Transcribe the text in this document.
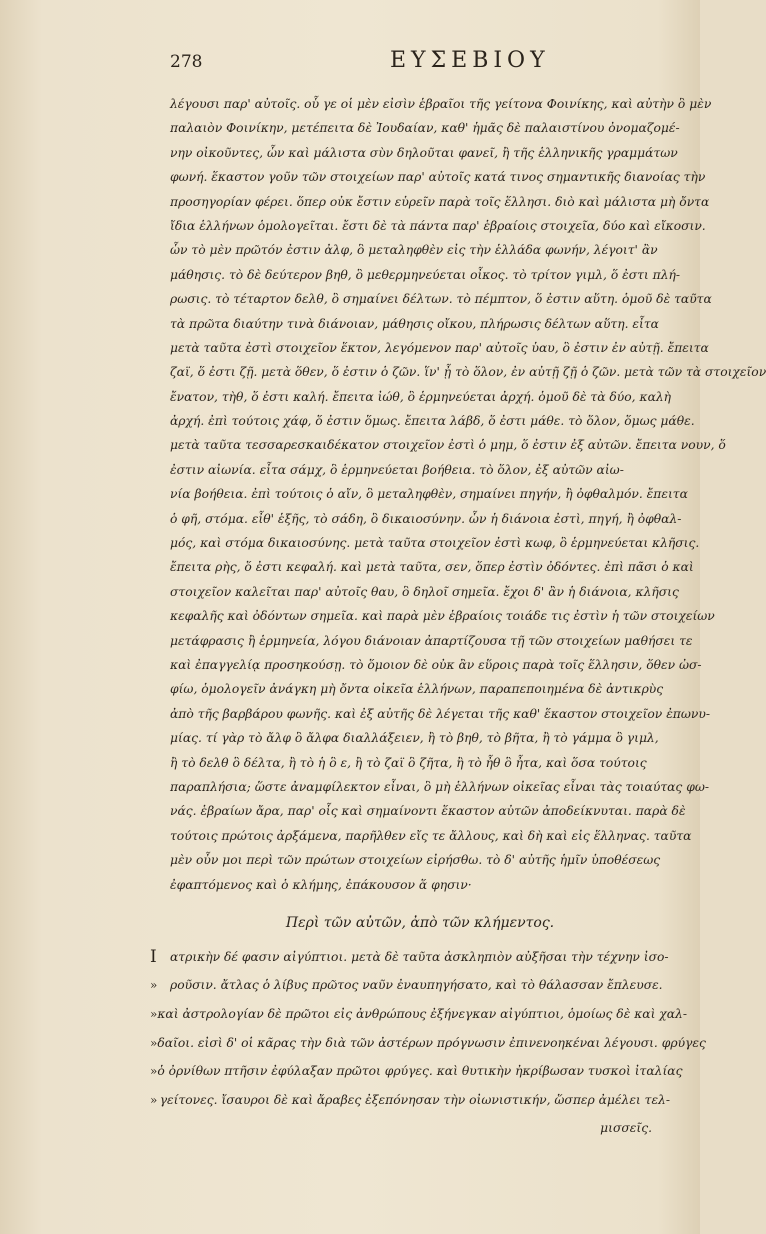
278	ΕΥΣΕΒΙΟΥ
λέγουσι παρ' αὐτοῖς. οὗ γε οἱ μὲν εἰσὶν ἑβραῖοι τῆς γείτονα Φοινίκης, καὶ αὐτὴν ὃ μὲν
παλαιὸν Φοινίκην, μετέπειτα δὲ Ἰουδαίαν, καθ' ἡμᾶς δὲ παλαιστίνου ὀνομαζομέ-
νην οἰκοῦντες, ὧν καὶ μάλιστα σὺν δηλοῦται φανεῖ, ἢ τῆς ἑλληνικῆς γραμμάτων
φωνή. ἕκαστον γοῦν τῶν στοιχείων παρ' αὐτοῖς κατά τινος σημαντικῆς διανοίας τὴν
προσηγορίαν φέρει. ὅπερ οὐκ ἔστιν εὑρεῖν παρὰ τοῖς ἕλλησι. διὸ καὶ μάλιστα μὴ ὄντα
ἴδια ἑλλήνων ὁμολογεῖται. ἔστι δὲ τὰ πάντα παρ' ἑβραίοις στοιχεῖα, δύο καὶ εἴκοσιν.
ὧν τὸ μὲν πρῶτόν ἐστιν ἀλφ, ὃ μεταληφθὲν εἰς τὴν ἑλλάδα φωνήν, λέγοιτ' ἂν
μάθησις. τὸ δὲ δεύτερον βηθ, ὃ μεθερμηνεύεται οἶκος. τὸ τρίτον γιμλ, ὅ ἐστι πλή-
ρωσις. τὸ τέταρτον δελθ, ὃ σημαίνει δέλτων. τὸ πέμπτον, ὅ ἐστιν αὕτη. ὁμοῦ δὲ ταῦτα
τὰ πρῶτα διαύτην τινὰ διάνοιαν, μάθησις οἴκου, πλήρωσις δέλτων αὕτη. εἶτα
μετὰ ταῦτα ἐστὶ στοιχεῖον ἕκτον, λεγόμενον παρ' αὐτοῖς ὑαυ, ὃ ἐστιν ἐν αὐτῇ. ἔπειτα
ζαϊ, ὅ ἐστι ζῇ. μετὰ ὅθεν, ὅ ἐστιν ὁ ζῶν. ἵν' ᾖ τὸ ὅλον, ἐν αὐτῇ ζῇ ὁ ζῶν. μετὰ τῶν τὰ στοιχεῖον
ἔνατον, τὴθ, ὅ ἐστι καλή. ἔπειτα ἰώθ, ὃ ἑρμηνεύεται ἀρχή. ὁμοῦ δὲ τὰ δύο, καλὴ
ἀρχή. ἐπὶ τούτοις χάφ, ὅ ἐστιν ὅμως. ἔπειτα λάβδ, ὅ ἐστι μάθε. τὸ ὅλον, ὅμως μάθε.
μετὰ ταῦτα τεσσαρεσκαιδέκατον στοιχεῖον ἐστὶ ὁ μημ, ὅ ἐστιν ἐξ αὐτῶν. ἔπειτα νουν, ὅ
ἐστιν αἰωνία. εἶτα σάμχ, ὃ ἑρμηνεύεται βοήθεια. τὸ ὅλον, ἐξ αὐτῶν αἰω-
νία βοήθεια. ἐπὶ τούτοις ὁ αἴν, ὃ μεταληφθὲν, σημαίνει πηγήν, ἢ ὀφθαλμόν. ἔπειτα
ὁ φῆ, στόμα. εἶθ' ἑξῆς, τὸ σάδη, ὃ δικαιοσύνην. ὧν ἡ διάνοια ἐστὶ, πηγή, ἢ ὀφθαλ-
μός, καὶ στόμα δικαιοσύνης. μετὰ ταῦτα στοιχεῖον ἐστὶ κωφ, ὃ ἑρμηνεύεται κλῆσις.
ἔπειτα ρὴς, ὅ ἐστι κεφαλή. καὶ μετὰ ταῦτα, σεν, ὅπερ ἐστὶν ὀδόντες. ἐπὶ πᾶσι ὁ καὶ
στοιχεῖον καλεῖται παρ' αὐτοῖς θαυ, ὃ δηλοῖ σημεῖα. ἔχοι δ' ἂν ἡ διάνοια, κλῆσις
κεφαλῆς καὶ ὀδόντων σημεῖα. καὶ παρὰ μὲν ἑβραίοις τοιάδε τις ἐστὶν ἡ τῶν στοιχείων
μετάφρασις ἢ ἑρμηνεία, λόγου διάνοιαν ἀπαρτίζουσα τῇ τῶν στοιχείων μαθήσει τε
καὶ ἐπαγγελίᾳ προσηκούσῃ. τὸ ὅμοιον δὲ οὐκ ἂν εὕροις παρὰ τοῖς ἕλλησιν, ὅθεν ὠσ-
φίω, ὁμολογεῖν ἀνάγκη μὴ ὄντα οἰκεῖα ἑλλήνων, παραπεποιημένα δὲ ἀντικρὺς
ἀπὸ τῆς βαρβάρου φωνῆς. καὶ ἐξ αὐτῆς δὲ λέγεται τῆς καθ' ἕκαστον στοιχεῖον ἐπωνυ-
μίας. τί γὰρ τὸ ἄλφ ὃ ἄλφα διαλλάξειεν, ἢ τὸ βηθ, τὸ βῆτα, ἢ τὸ γάμμα ὃ γιμλ,
ἢ τὸ δελθ ὃ δέλτα, ἢ τὸ ἡ ὃ ε, ἢ τὸ ζαϊ ὃ ζῆτα, ἢ τὸ ἦθ ὃ ἦτα, καὶ ὅσα τούτοις
παραπλήσια; ὥστε ἀναμφίλεκτον εἶναι, ὃ μὴ ἑλλήνων οἰκεῖας εἶναι τὰς τοιαύτας φω-
νάς. ἑβραίων ἄρα, παρ' οἷς καὶ σημαίνοντι ἕκαστον αὐτῶν ἀποδείκνυται. παρὰ δὲ
τούτοις πρώτοις ἀρξάμενα, παρῆλθεν εἴς τε ἄλλους, καὶ δὴ καὶ εἰς ἕλληνας. ταῦτα
μὲν οὖν μοι περὶ τῶν πρώτων στοιχείων εἰρήσθω. τὸ δ' αὐτῆς ἡμῖν ὑποθέσεως
ἐφαπτόμενος καὶ ὁ κλήμης, ἐπάκουσον ἅ φησιν·
Περὶ τῶν αὐτῶν, ἀπὸ τῶν κλήμεντος.
Ι	ατρικὴν δέ φασιν αἰγύπτιοι. μετὰ δὲ ταῦτα ἀσκληπιὸν αὐξῆσαι τὴν τέχνην ἰσο-
»	ροῦσιν. ἄτλας ὁ λίβυς πρῶτος ναῦν ἐναυπηγήσατο, καὶ τὸ θάλασσαν ἔπλευσε.
» καὶ ἀστρολογίαν δὲ πρῶτοι εἰς ἀνθρώπους ἐξήνεγκαν αἰγύπτιοι, ὁμοίως δὲ καὶ χαλ-
» δαῖοι. εἰσὶ δ' οἱ κᾶρας τὴν διὰ τῶν ἀστέρων πρόγνωσιν ἐπινενοηκέναι λέγουσι. φρύγες
» ὁ ὀρνίθων πτῆσιν ἐφύλαξαν πρῶτοι φρύγες. καὶ θυτικὴν ἠκρίβωσαν τυσκοὶ ἰταλίας
» γείτονες. ἴσαυροι δὲ καὶ ἄραβες ἐξεπόνησαν τὴν οἰωνιστικήν, ὥσπερ ἀμέλει τελ-
μισσεῖς.
